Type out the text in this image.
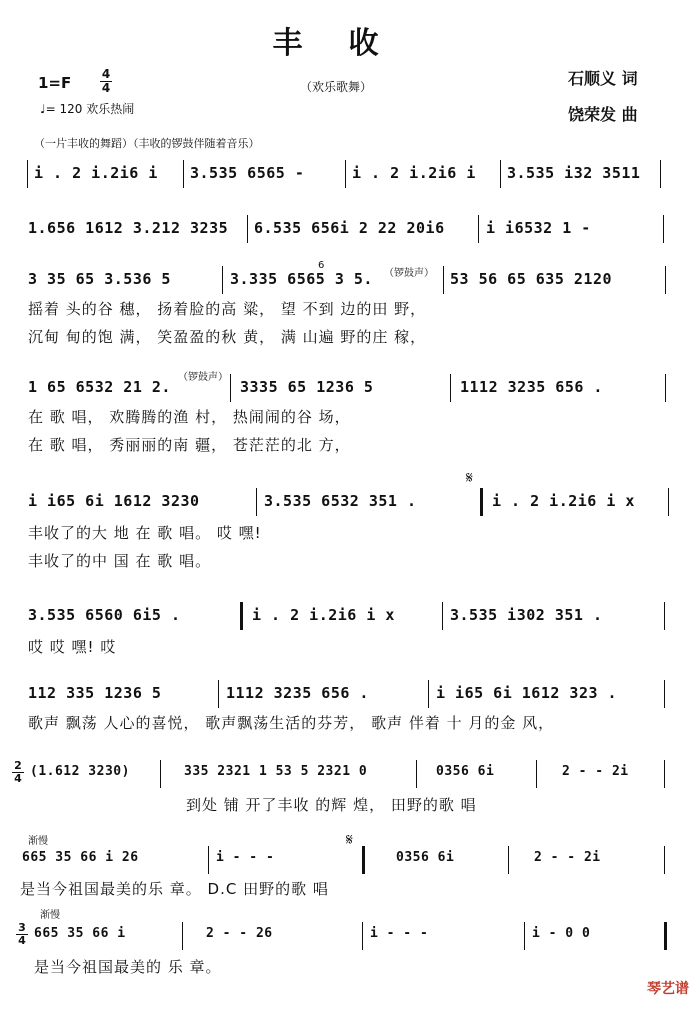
丰收
$1=F \frac{4}{4}$	（欢乐歌舞）	石顺义 词
饶荣发 曲
♩= 120 欢乐热闹
（一片丰收的舞蹈）（丰收的锣鼓伴随着音乐）
i . 2 i.2i6 i 3.535 6565 -	i . 2 i.2i6 i 3.535 i32 3511
1.656 1612 3.212 3235 6.535 656i 2 22 20i6	i i6532 1 -
3 35 65 3.536 5	3.335 6565 3 5.
6
（锣鼓声） 53 56 65 635 2120
摇着 头的谷 穗， 扬着脸的高 粱， 望 不到 边的田 野，
沉甸 甸的饱 满， 笑盈盈的秋 黄， 满 山遍 野的庄 稼，
1 65 6532 21 2.
（锣鼓声）
3335 65 1236 5	1112 3235 656 .
在 歌 唱， 欢腾腾的渔 村， 热闹闹的谷 场，
在 歌 唱， 秀丽丽的南 疆， 苍茫茫的北 方，
i i65 6i 1612 3230	3.535 6532 351 .
𝄋
i . 2 i.2i6 i x
丰收了的大 地 在 歌 唱。 哎 嘿!
丰收了的中 国 在 歌 唱。
3.535 6560 6i5 .	i . 2 i.2i6 i x	3.535 i302 351 .
哎 哎 嘿! 哎
112 335 1236 5	1112 3235 656 .	i i65 6i 1612 323 .
歌声 飘荡 人心的喜悦， 歌声飘荡生活的芬芳， 歌声 伴着 十 月的金 风，
$\frac{2}{4} (1.612$ 3230)	335 2321 1 53 5 2321 0	0356 6i	2 - - 2i
到处 铺 开了丰收 的辉 煌， 田野的歌 唱
渐慢
665 35 66 i 26	i - - -
𝄋
0356 6i	2 - - 2i
是当今祖国最美的乐 章。 D.C 田野的歌 唱
渐慢
$\frac{3}{4} 665$ 35 66 i	2 - - 26	i - - -	i - 0 0
是当今祖国最美的 乐 章。
琴艺谱
